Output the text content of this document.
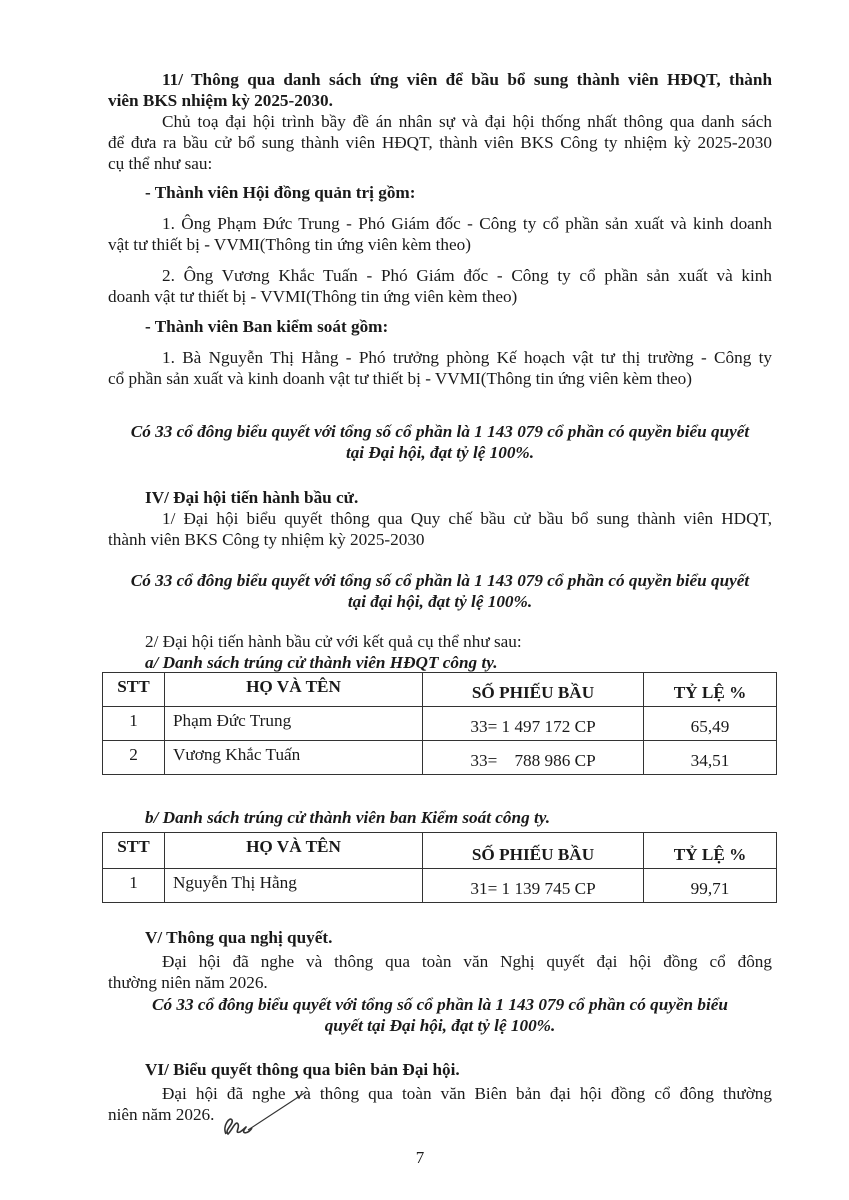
11/ Thông qua danh sách ứng viên để bầu bổ sung thành viên HĐQT, thành
viên BKS nhiệm kỳ 2025-2030.
Chủ toạ đại hội trình bầy đề án nhân sự và đại hội thống nhất thông qua danh sách
để đưa ra bầu cử bổ sung thành viên HĐQT, thành viên BKS Công ty nhiệm kỳ 2025-2030
cụ thể như sau:
- Thành viên Hội đồng quản trị gồm:
1. Ông Phạm Đức Trung - Phó Giám đốc - Công ty cổ phần sản xuất và kinh doanh
vật tư thiết bị - VVMI(Thông tin ứng viên kèm theo)
2. Ông Vương Khắc Tuấn - Phó Giám đốc - Công ty cổ phần sản xuất và kinh
doanh vật tư thiết bị - VVMI(Thông tin ứng viên kèm theo)
- Thành viên Ban kiểm soát gồm:
1. Bà Nguyễn Thị Hằng - Phó trưởng phòng Kế hoạch vật tư thị trường - Công ty
cổ phần sản xuất và kinh doanh vật tư thiết bị - VVMI(Thông tin ứng viên kèm theo)
Có 33 cổ đông biểu quyết với tổng số cổ phần là 1 143 079 cổ phần có quyền biểu quyết
tại Đại hội, đạt tỷ lệ 100%.
IV/ Đại hội tiến hành bầu cử.
1/ Đại hội biểu quyết thông qua Quy chế bầu cử bầu bổ sung thành viên HDQT,
thành viên BKS Công ty nhiệm kỳ 2025-2030
Có 33 cổ đông biểu quyết với tổng số cổ phần là 1 143 079 cổ phần có quyền biểu quyết
tại đại hội, đạt tỷ lệ 100%.
2/ Đại hội tiến hành bầu cử với kết quả cụ thể như sau:
a/ Danh sách trúng cử thành viên HĐQT công ty.
STT	HỌ VÀ TÊN	SỐ PHIẾU BẦU	TỶ LỆ %
1	Phạm Đức Trung	33= 1 497 172 CP	65,49
2	Vương Khắc Tuấn	33=    788 986 CP	34,51
b/ Danh sách trúng cử thành viên ban Kiểm soát công ty.
STT	HỌ VÀ TÊN	SỐ PHIẾU BẦU	TỶ LỆ %
1	Nguyễn Thị Hằng	31= 1 139 745 CP	99,71
V/ Thông qua nghị quyết.
Đại hội đã nghe và thông qua toàn văn Nghị quyết đại hội đồng cổ đông
thường niên năm 2026.
Có 33 cổ đông biểu quyết với tổng số cổ phần là 1 143 079 cổ phần có quyền biểu
quyết tại Đại hội, đạt tỷ lệ 100%.
VI/ Biểu quyết thông qua biên bản Đại hội.
Đại hội đã nghe và thông qua toàn văn Biên bản đại hội đồng cổ đông thường
niên năm 2026.
7
